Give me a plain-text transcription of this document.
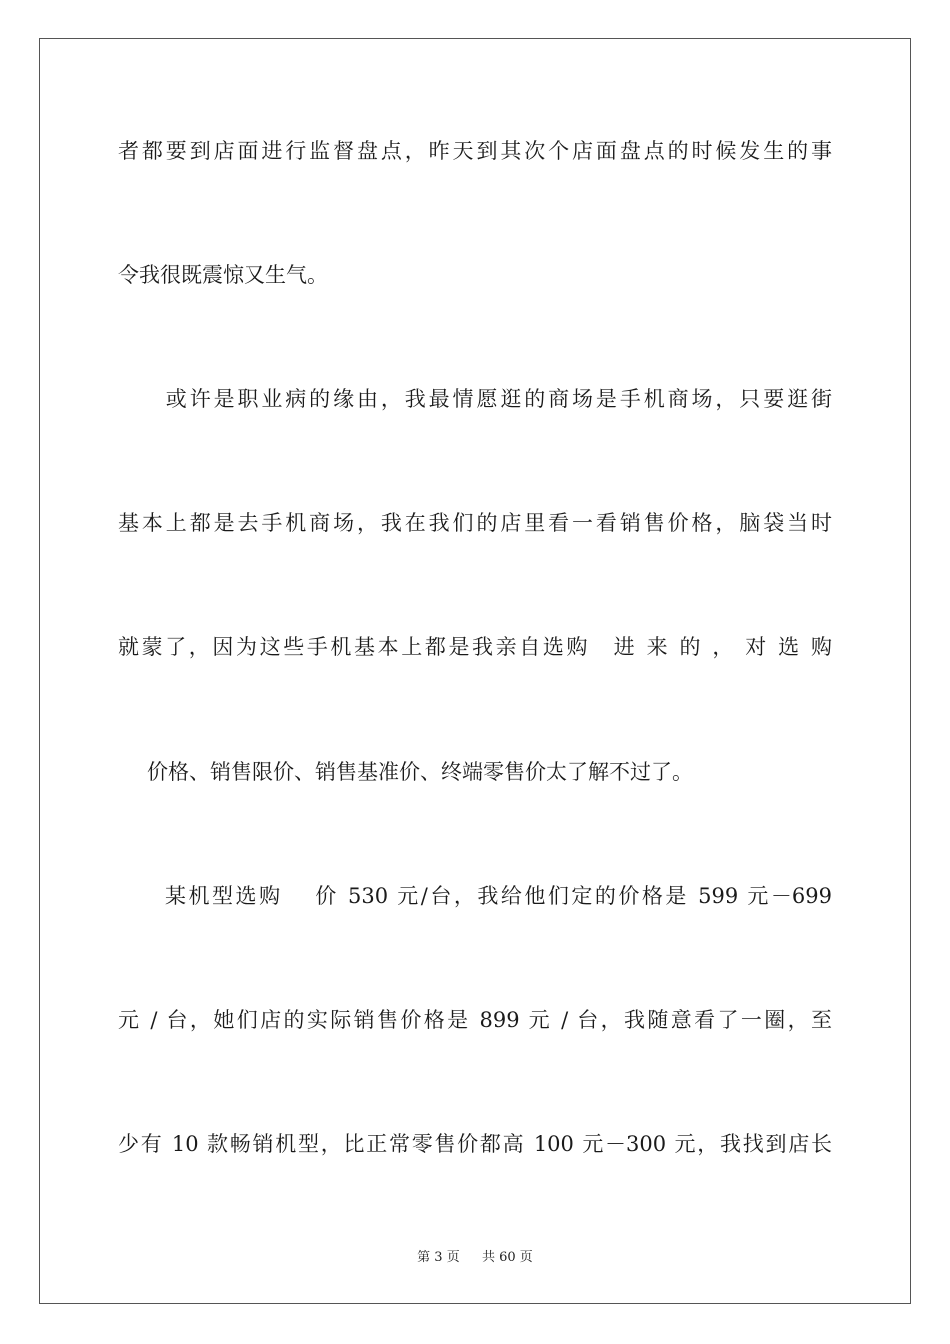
者都要到店面进行监督盘点，昨天到其次个店面盘点的时候发生的事
令我很既震惊又生气。
　　或许是职业病的缘由，我最情愿逛的商场是手机商场，只要逛街
基本上都是去手机商场，我在我们的店里看一看销售价格，脑袋当时
就蒙了，因为这些手机基本上都是我亲自选购　进 来 的 ， 对 选 购
　价格、销售限价、销售基准价、终端零售价太了解不过了。
　　某机型选购　 价 530 元/台，我给他们定的价格是 599 元－699
元 / 台，她们店的实际销售价格是 899 元 / 台，我随意看了一圈，至
少有 10 款畅销机型，比正常零售价都高 100 元－300 元，我找到店长
第 3 页 共 60 页
